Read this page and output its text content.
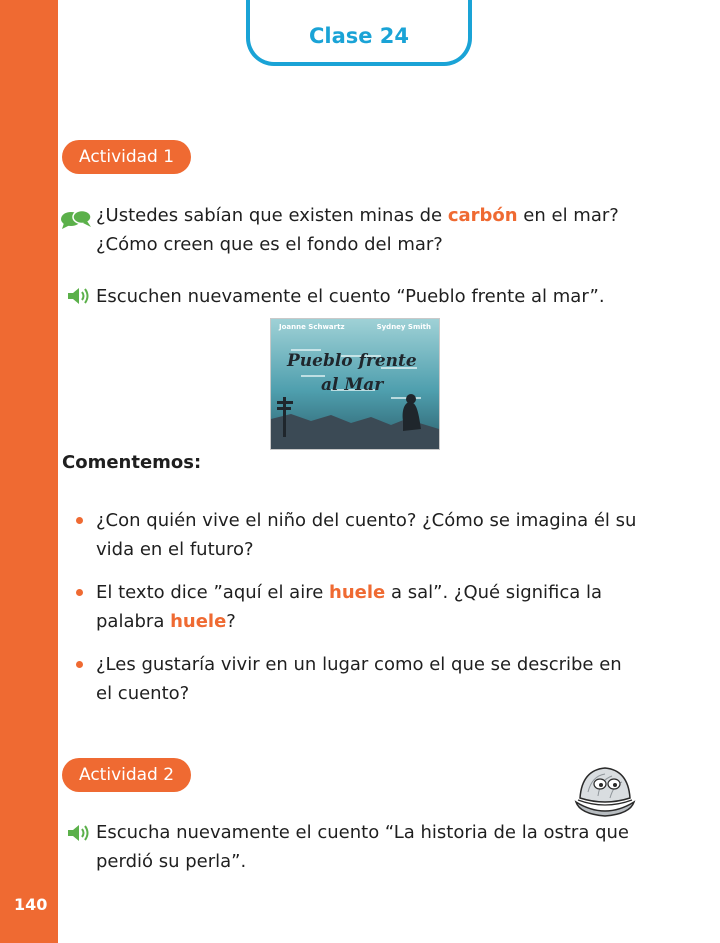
140
Clase 24
Actividad 1
¿Ustedes sabían que existen minas de carbón en el mar?
¿Cómo creen que es el fondo del mar?
Escuchen nuevamente el cuento “Pueblo frente al mar”.
Joanne Schwartz	Sydney Smith
Pueblo frente
al Mar
Comentemos:
¿Con quién vive el niño del cuento? ¿Cómo se imagina él su
vida en el futuro?
El texto dice ”aquí el aire huele a sal”. ¿Qué significa la
palabra huele?
¿Les gustaría vivir en un lugar como el que se describe en
el cuento?
Actividad 2
Escucha nuevamente el cuento “La historia de la ostra que
perdió su perla”.
